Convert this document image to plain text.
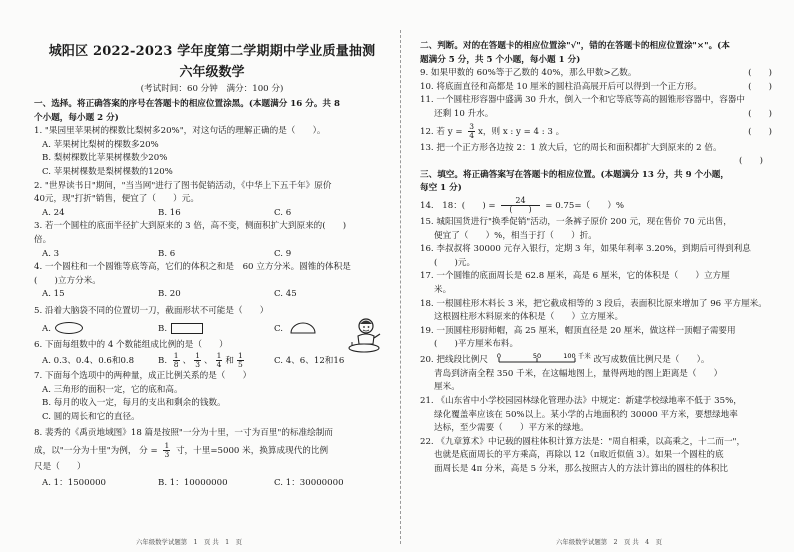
城阳区 2022-2023 学年度第二学期期中学业质量抽测

六年级数学

(考试时间：60 分钟　满分：100 分)

一、选择。将正确答案的序号在答题卡的相应位置涂黑。(本题满分 16 分。共 8

个小题，每小题 2 分)

1. "果园里苹果树的棵数比梨树多20%"，对这句话的理解正确的是（　　）。

A. 苹果树比梨树的棵数多20%

B. 梨树棵数比苹果树棵数少20%

C. 苹果树棵数是梨树棵数的120%

2. "世界读书日"期间，"当当网"进行了图书促销活动，《中华上下五千年》原价

40元，现"打折"销售，便宜了（　　）元。

A. 24	B. 16	C. 6

3. 若一个圆柱的底面半径扩大到原来的 3 倍，高不变，侧面积扩大到原来的(　　)

倍。

A. 3	B. 6	C. 9

4. 一个圆柱和一个圆锥等底等高，它们的体积之和是　60 立方分米。圆锥的体积是

(　　)立方分米。

A. 15	B. 20	C. 45

5. 沿着大脑袋不同的位置切一刀，截面形状不可能是（　　）

A.	B.	C.

6. 下面每组数中的 4 个数能组成比例的是（　　）

A. 0.3、0.4、0.6和0.8	B. $\frac{1}{8}$ 、 $\frac{1}{3}$ 、 $\frac{1}{4}$ 和 $\frac{1}{5}$	C. 4、6、12和16

7. 下面每个选项中的两种量，成正比例关系的是（　　）

A. 三角形的面积一定，它的底和高。

B. 每月的收入一定，每月的支出和剩余的钱数。

C. 圆的周长和它的直径。

8. 裴秀的《禹贡地域图》18 篇是按照"一分为十里，一寸为百里"的标准绘制而

成，以"一分为十里"为例， 分 = $\frac{1}{3}$ 寸，十里=5000 米，换算成现代的比例

尺是（　　）

A. 1：1500000	B. 1：10000000	C. 1：30000000

二、判断。对的在答题卡的相应位置涂"√"，错的在答题卡的相应位置涂"×"。(本

题满分 5 分，共 5 个小题，每小题 1 分)

9. 如果甲数的 60%等于乙数的 40%，那么甲数>乙数。	(　　)
10. 将底面直径和高都是 10 厘米的圆柱沿高展开后可以得到一个正方形。	(　　)

11. 一个圆柱形容器中盛满 30 升水，倒入一个和它等底等高的圆锥形容器中，容器中

还剩 10 升水。	(　　)
12. 若 $y = \frac{3}{4}$ x，则 x : y = 4 : 3 。	(　　)

13. 把一个正方形各边按 2：1 放大后，它的周长和面积都扩大到原来的 2 倍。

(　　)

三、填空。将正确答案写在答题卡的相应位置。(本题满分 13 分，共 9 个小题，

每空 1 分)

14.　18：(　　) = $\frac{24}{( )} = 0.75=$（　　）%

15. 城阳国货进行"换季促销"活动，一条裤子原价 200 元，现在售价 70 元出售，

便宜了（　　）%，相当于打（　　）折。

16. 李叔叔将 30000 元存入银行，定期 3 年，如果年利率 3.20%，到期后可得到利息

(　　)元。

17. 一个圆锥的底面周长是 62.8 厘米，高是 6 厘米，它的体积是（　　）立方厘

米。

18. 一根圆柱形木料长 3 米，把它截成相等的 3 段后，表面积比原来增加了 96 平方厘米。

这根圆柱形木料原来的体积是（　　）立方厘米。

19. 一顶圆柱形厨师帽，高 25 厘米，帽顶直径是 20 厘米，做这样一顶帽子需要用

(　　)平方厘米布料。

20. 把线段比例尺 0	50	100 千米 改写成数值比例尺是（　　）。

青岛到济南全程 350 千米，在这幅地图上，量得两地的图上距离是（　　）

厘米。

21. 《山东省中小学校园园林绿化管理办法》中规定：新建学校绿地率不低于 35%，

绿化覆盖率应该在 50%以上。某小学的占地面积约 30000 平方米，要想绿地率

达标，至少需要（　　）平方米的绿地。

22. 《九章算术》中记载的圆柱体积计算方法是："周自相乘，以高乘之，十二而一"，

也就是底面周长的平方乘高，再除以 12（π取近似值 3）。如果一个圆柱的底

面周长是 4π 分米，高是 5 分米，那么按照古人的方法计算出的圆柱的体积比

六年级数学试题第　1　页 共　1　页	六年级数学试题第　2　页 共　4　页
